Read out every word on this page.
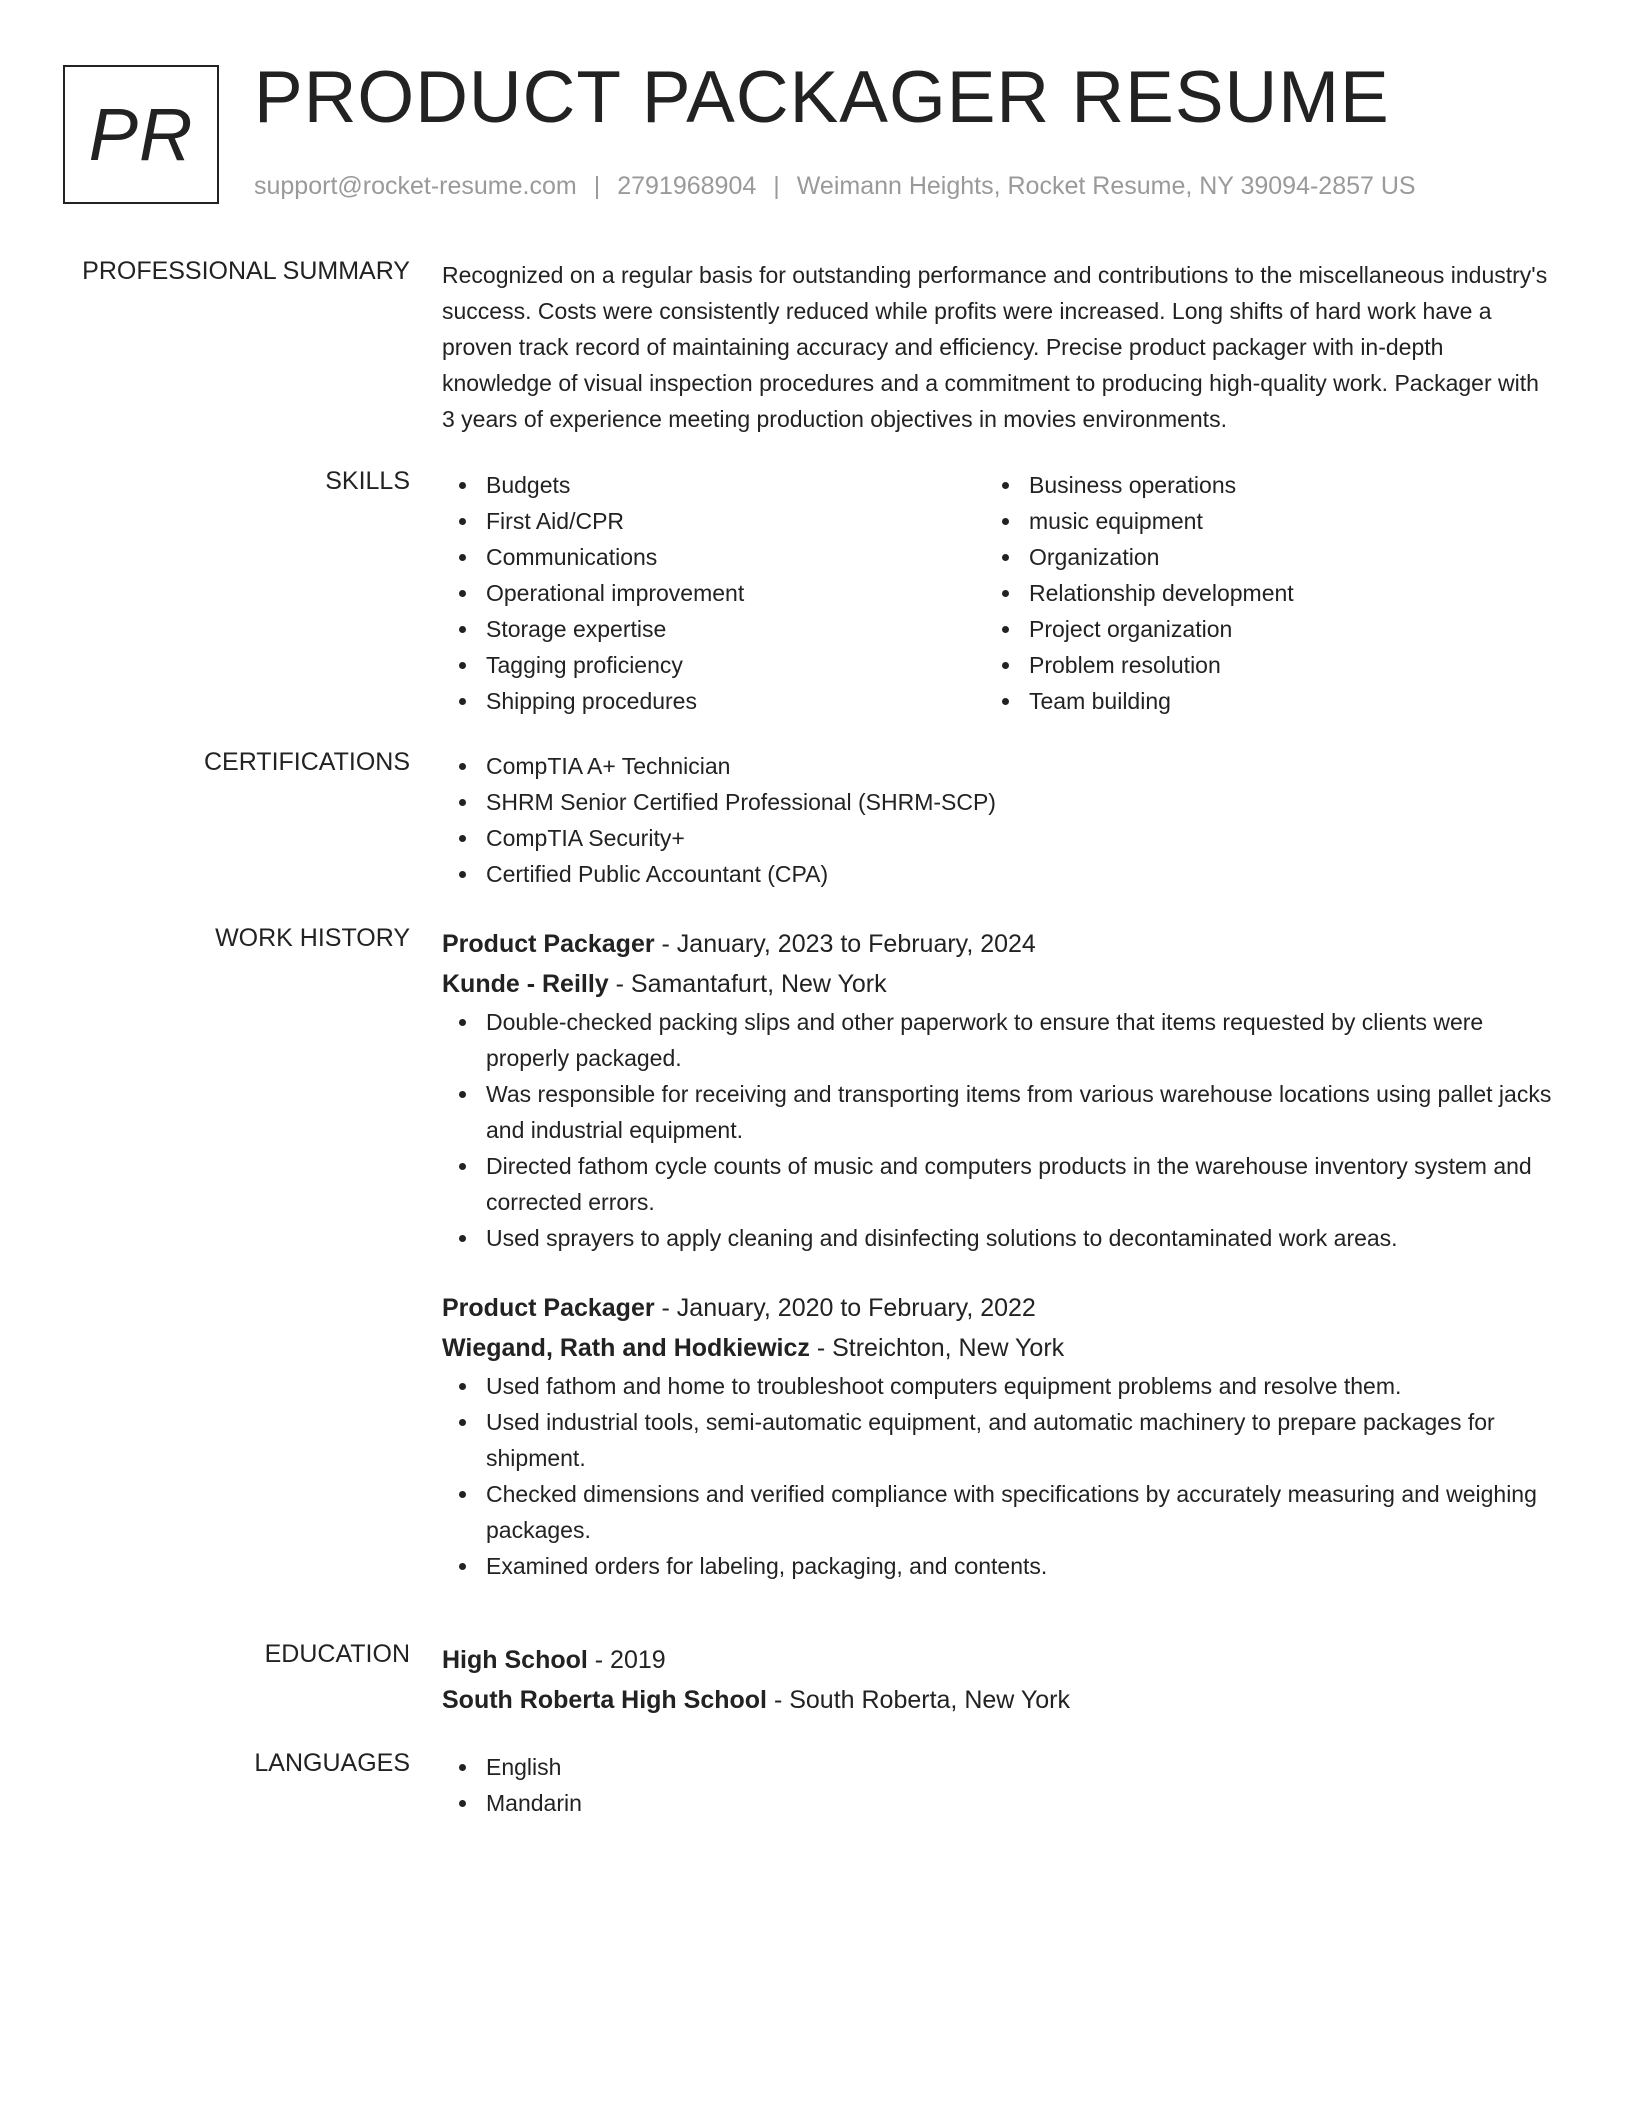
PR PRODUCT PACKAGER RESUME
support@rocket-resume.com | 2791968904 | Weimann Heights, Rocket Resume, NY 39094-2857 US
PROFESSIONAL SUMMARY Recognized on a regular basis for outstanding performance and contributions to the miscellaneous industry's success. Costs were consistently reduced while profits were increased. Long shifts of hard work have a proven track record of maintaining accuracy and efficiency. Precise product packager with in-depth knowledge of visual inspection procedures and a commitment to producing high-quality work. Packager with 3 years of experience meeting production objectives in movies environments.

SKILLS	Budgets
First Aid/CPR
Communications
Operational improvement
Storage expertise
Tagging proficiency
Shipping procedures
Business operations
music equipment
Organization
Relationship development
Project organization
Problem resolution
Team building
CERTIFICATIONS	CompTIA A+ Technician
SHRM Senior Certified Professional (SHRM-SCP)
CompTIA Security+
Certified Public Accountant (CPA)
WORK HISTORY Product Packager - January, 2023 to February, 2024
Kunde - Reilly - Samantafurt, New York
Double-checked packing slips and other paperwork to ensure that items requested by clients were properly packaged.
Was responsible for receiving and transporting items from various warehouse locations using pallet jacks and industrial equipment.
Directed fathom cycle counts of music and computers products in the warehouse inventory system and corrected errors.
Used sprayers to apply cleaning and disinfecting solutions to decontaminated work areas.
Product Packager - January, 2020 to February, 2022
Wiegand, Rath and Hodkiewicz - Streichton, New York
Used fathom and home to troubleshoot computers equipment problems and resolve them.
Used industrial tools, semi-automatic equipment, and automatic machinery to prepare packages for shipment.
Checked dimensions and verified compliance with specifications by accurately measuring and weighing packages.
Examined orders for labeling, packaging, and contents.
EDUCATION High School - 2019
South Roberta High School - South Roberta, New York
LANGUAGES	English
Mandarin
